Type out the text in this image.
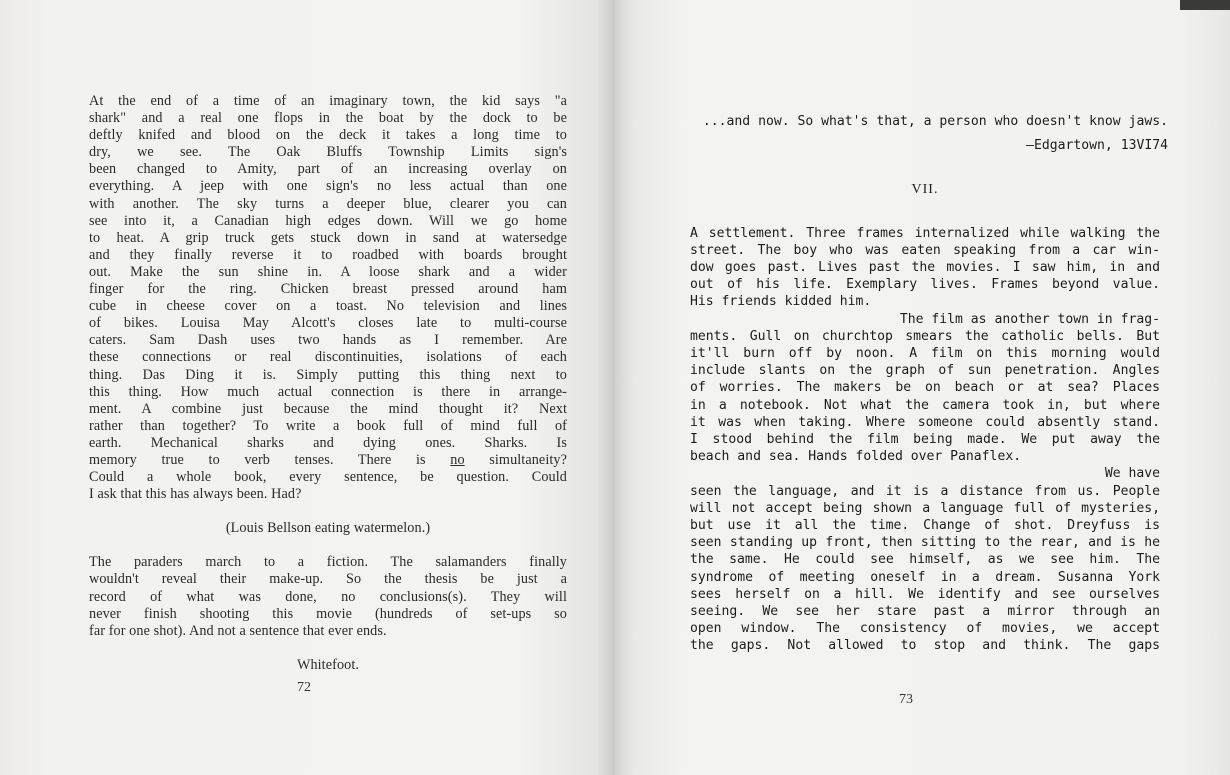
At the end of a time of an imaginary town, the kid says "a
shark" and a real one flops in the boat by the dock to be
deftly knifed and blood on the deck it takes a long time to
dry, we see. The Oak Bluffs Township Limits sign's
been changed to Amity, part of an increasing overlay on
everything. A jeep with one sign's no less actual than one
with another. The sky turns a deeper blue, clearer you can
see into it, a Canadian high edges down. Will we go home
to heat. A grip truck gets stuck down in sand at watersedge
and they finally reverse it to roadbed with boards brought
out. Make the sun shine in. A loose shark and a wider
finger for the ring. Chicken breast pressed around ham
cube in cheese cover on a toast. No television and lines
of bikes. Louisa May Alcott's closes late to multi-course
caters. Sam Dash uses two hands as I remember. Are
these connections or real discontinuities, isolations of each
thing. Das Ding it is. Simply putting this thing next to
this thing. How much actual connection is there in arrange-
ment. A combine just because the mind thought it? Next
rather than together? To write a book full of mind full of
earth. Mechanical sharks and dying ones. Sharks. Is
memory true to verb tenses. There is no simultaneity?
Could a whole book, every sentence, be question. Could
I ask that this has always been. Had?
(Louis Bellson eating watermelon.)
The paraders march to a fiction. The salamanders finally
wouldn't reveal their make-up. So the thesis be just a
record of what was done, no conclusions(s). They will
never finish shooting this movie (hundreds of set-ups so
far for one shot). And not a sentence that ever ends.
Whitefoot.
72
...and now. So what's that, a person who doesn't know jaws.
—Edgartown, 13VI74
VII.
A settlement. Three frames internalized while walking the
street. The boy who was eaten speaking from a car win-
dow goes past. Lives past the movies. I saw him, in and
out of his life. Exemplary lives. Frames beyond value.
His friends kidded him.
The film as another town in frag-
ments. Gull on churchtop smears the catholic bells. But
it'll burn off by noon. A film on this morning would
include slants on the graph of sun penetration. Angles
of worries. The makers be on beach or at sea? Places
in a notebook. Not what the camera took in, but where
it was when taking. Where someone could absently stand.
I stood behind the film being made. We put away the
beach and sea. Hands folded over Panaflex.
We have
seen the language, and it is a distance from us. People
will not accept being shown a language full of mysteries,
but use it all the time. Change of shot. Dreyfuss is
seen standing up front, then sitting to the rear, and is he
the same. He could see himself, as we see him. The
syndrome of meeting oneself in a dream. Susanna York
sees herself on a hill. We identify and see ourselves
seeing. We see her stare past a mirror through an
open window. The consistency of movies, we accept
the gaps. Not allowed to stop and think. The gaps
73
